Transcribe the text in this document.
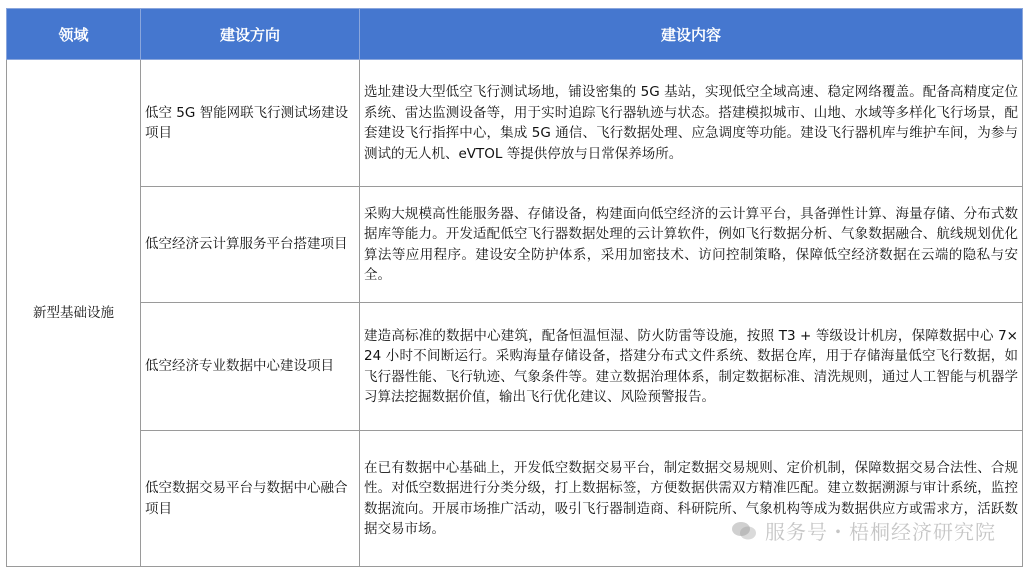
领域	建设方向	建设内容
新型基础设施	低空 5G 智能网联飞行测试场建设项目	选址建设大型低空飞行测试场地，铺设密集的 5G 基站，实现低空全域高速、稳定网络覆盖。配备高精度定位系统、雷达监测设备等，用于实时追踪飞行器轨迹与状态。搭建模拟城市、山地、水域等多样化飞行场景，配套建设飞行指挥中心，集成 5G 通信、飞行数据处理、应急调度等功能。建设飞行器机库与维护车间，为参与测试的无人机、eVTOL 等提供停放与日常保养场所。
	低空经济云计算服务平台搭建项目	采购大规模高性能服务器、存储设备，构建面向低空经济的云计算平台，具备弹性计算、海量存储、分布式数据库等能力。开发适配低空飞行器数据处理的云计算软件，例如飞行数据分析、气象数据融合、航线规划优化算法等应用程序。建设安全防护体系，采用加密技术、访问控制策略，保障低空经济数据在云端的隐私与安全。
	低空经济专业数据中心建设项目	建造高标准的数据中心建筑，配备恒温恒湿、防火防雷等设施，按照 T3 + 等级设计机房，保障数据中心 7×24 小时不间断运行。采购海量存储设备，搭建分布式文件系统、数据仓库，用于存储海量低空飞行数据，如飞行器性能、飞行轨迹、气象条件等。建立数据治理体系，制定数据标准、清洗规则，通过人工智能与机器学习算法挖掘数据价值，输出飞行优化建议、风险预警报告。
	低空数据交易平台与数据中心融合项目	在已有数据中心基础上，开发低空数据交易平台，制定数据交易规则、定价机制，保障数据交易合法性、合规性。对低空数据进行分类分级，打上数据标签，方便数据供需双方精准匹配。建立数据溯源与审计系统，监控数据流向。开展市场推广活动，吸引飞行器制造商、科研院所、气象机构等成为数据供应方或需求方，活跃数据交易市场。	服务号・梧桐经济研究院
